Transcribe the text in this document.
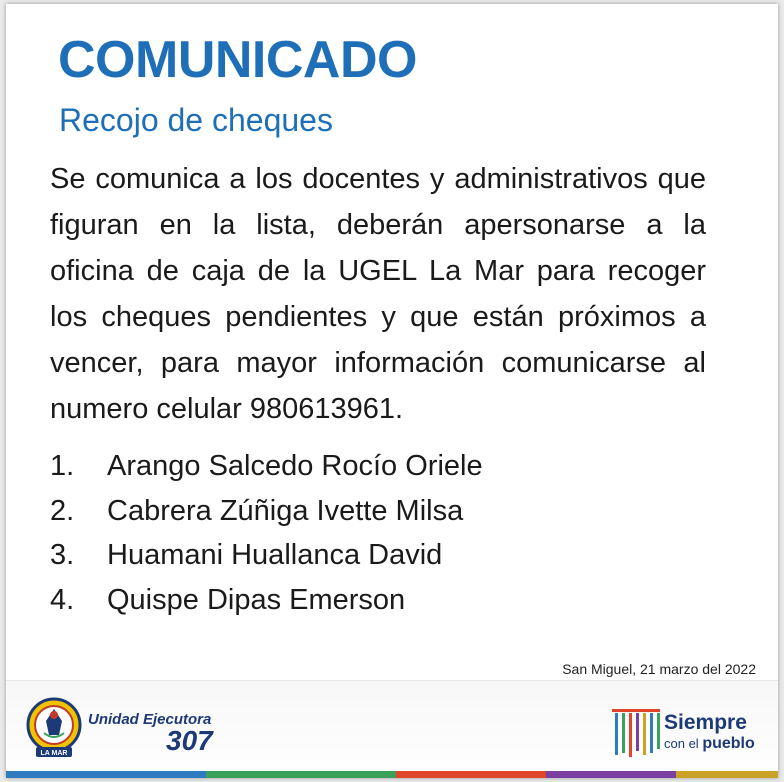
COMUNICADO
Recojo de cheques
Se comunica a los docentes y administrativos que figuran en la lista, deberán apersonarse a la oficina de caja de la UGEL La Mar para recoger los cheques pendientes y que están próximos a vencer, para mayor información comunicarse al numero celular 980613961.
1. Arango Salcedo Rocío Oriele
2. Cabrera Zúñiga Ivette Milsa
3. Huamani Huallanca David
4. Quispe Dipas Emerson
San Miguel, 21 marzo del 2022
LA MAR
Unidad Ejecutora
307
Siempre
con el pueblo
